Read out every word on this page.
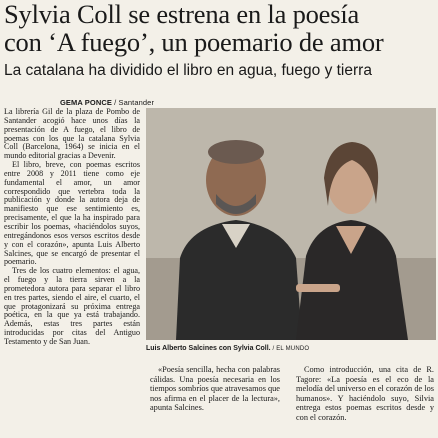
Sylvia Coll se estrena en la poesía
con ‘A fuego’, un poemario de amor
La catalana ha dividido el libro en agua, fuego y tierra
GEMA PONCE / Santander

La librería Gil de la plaza de Pombo de Santander acogió hace unos días la presentación de A fuego, el libro de poemas con los que la catalana Sylvia Coll (Barcelona, 1964) se inicia en el mundo editorial gracias a Devenir.

El libro, breve, con poemas escritos entre 2008 y 2011 tiene como eje fundamental el amor, un amor correspondido que vertebra toda la publicación y donde la autora deja de manifiesto que ese sentimiento es, precisamente, el que la ha inspirado para escribir los poemas, «haciéndolos suyos, entregándonos esos versos escritos desde y con el corazón», apunta Luis Alberto Salcines, que se encargó de presentar el poemario.

Tres de los cuatro elementos: el agua, el fuego y la tierra sirven a la prometedora autora para separar el libro en tres partes, siendo el aire, el cuarto, el que protagonizará su próxima entrega poética, en la que ya está trabajando. Además, estas tres partes están introducidas por citas del Antiguo Testamento y de San Juan.

Luis Alberto Salcines con Sylvia Coll. / EL MUNDO

«Poesía sencilla, hecha con palabras cálidas. Una poesía necesaria en los tiempos sombríos que atravesamos que nos afirma en el placer de la lectura», apunta Salcines.

Como introducción, una cita de R. Tagore: «La poesía es el eco de la melodía del universo en el corazón de los humanos». Y haciéndolo suyo, Silvia entrega estos poemas escritos desde y con el corazón.
